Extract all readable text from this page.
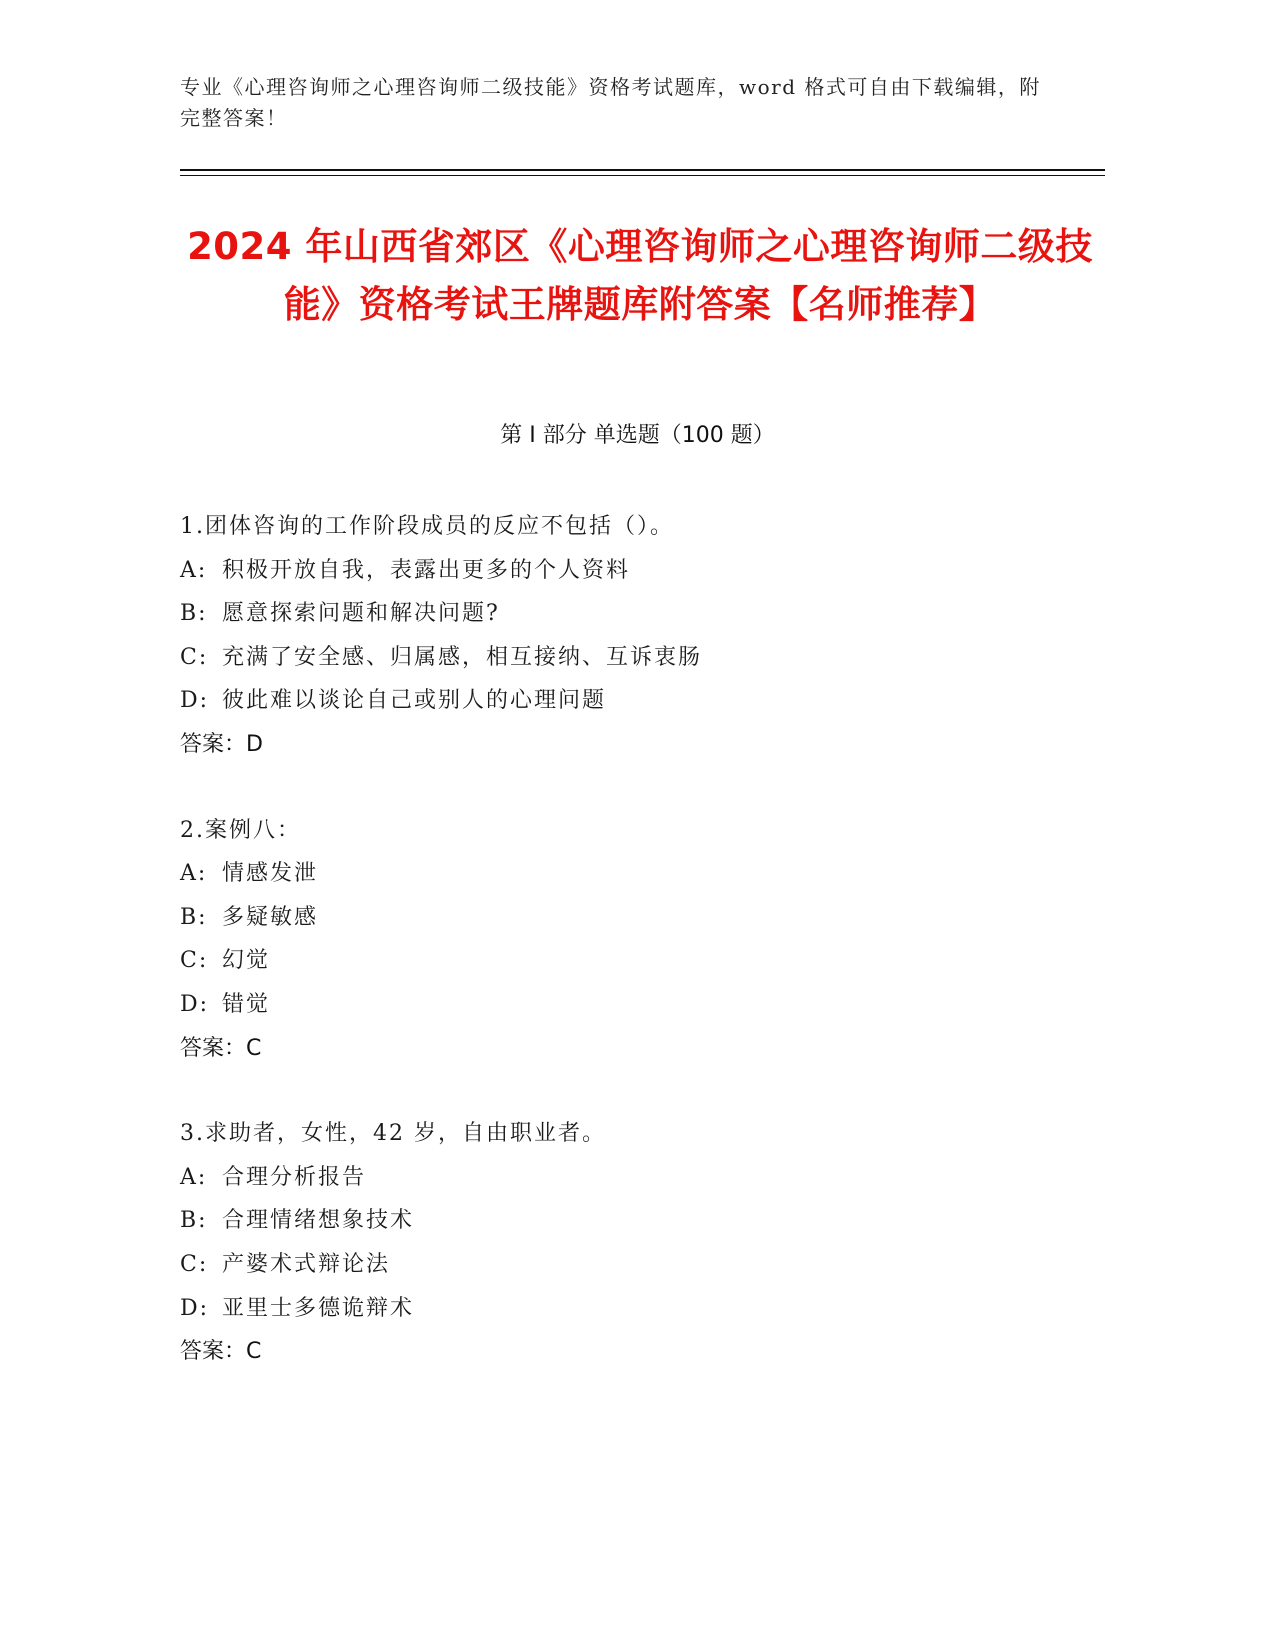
专业《心理咨询师之心理咨询师二级技能》资格考试题库，word 格式可自由下载编辑，附完整答案！
2024 年山西省郊区《心理咨询师之心理咨询师二级技能》资格考试王牌题库附答案【名师推荐】
第 I 部分 单选题（100 题）
1.团体咨询的工作阶段成员的反应不包括（）。
A: 积极开放自我，表露出更多的个人资料
B: 愿意探索问题和解决问题?
C: 充满了安全感、归属感，相互接纳、互诉衷肠
D: 彼此难以谈论自己或别人的心理问题
答案：D
2.案例八：
A: 情感发泄
B: 多疑敏感
C: 幻觉
D: 错觉
答案：C
3.求助者，女性，42 岁，自由职业者。
A: 合理分析报告
B: 合理情绪想象技术
C: 产婆术式辩论法
D: 亚里士多德诡辩术
答案：C
